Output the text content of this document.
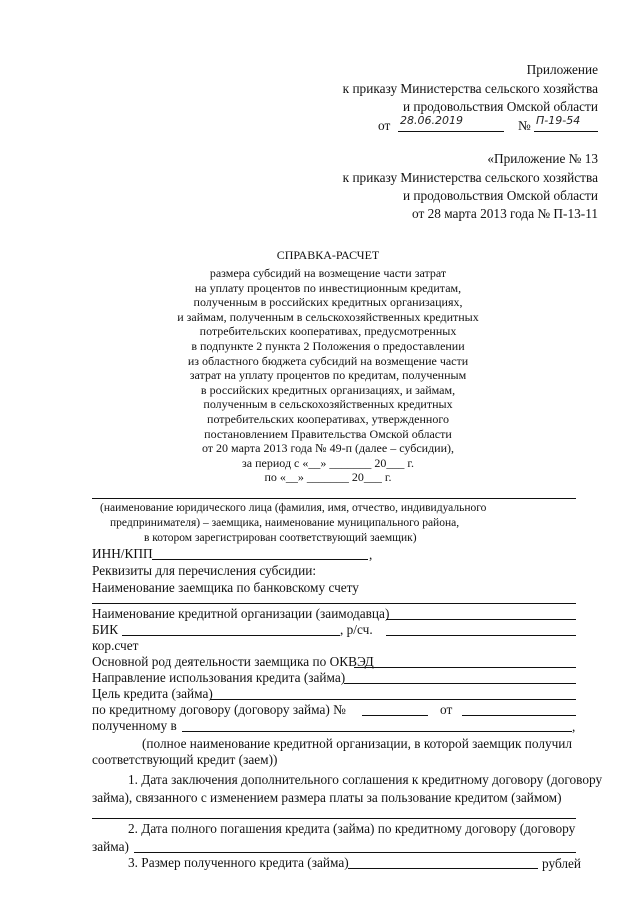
Приложение
к приказу Министерства сельского хозяйства
и продовольствия Омской области
от 28.06.2019	№ П-19-54
«Приложение № 13
к приказу Министерства сельского хозяйства
и продовольствия Омской области
от 28 марта 2013 года № П-13-11
СПРАВКА-РАСЧЕТ
размера субсидий на возмещение части затрат
на уплату процентов по инвестиционным кредитам,
полученным в российских кредитных организациях,
и займам, полученным в сельскохозяйственных кредитных
потребительских кооперативах, предусмотренных
в подпункте 2 пункта 2 Положения о предоставлении
из областного бюджета субсидий на возмещение части
затрат на уплату процентов по кредитам, полученным
в российских кредитных организациях, и займам,
полученным в сельскохозяйственных кредитных
потребительских кооперативах, утвержденного
постановлением Правительства Омской области
от 20 марта 2013 года № 49-п (далее – субсидии),
за период с «__» _______ 20___ г.
по «__» _______ 20___ г.
(наименование юридического лица (фамилия, имя, отчество, индивидуального
предпринимателя) – заемщика, наименование муниципального района,
в котором зарегистрирован соответствующий заемщик)
ИНН/КПП	,
Реквизиты для перечисления субсидии:
Наименование заемщика по банковскому счету
Наименование кредитной организации (заимодавца)
БИК	, р/сч.
кор.счет
Основной род деятельности заемщика по ОКВЭД
Направление использования кредита (займа)
Цель кредита (займа)
по кредитному договору (договору займа) №	от
полученному в	,
(полное наименование кредитной организации, в которой заемщик получил
соответствующий кредит (заем))
1. Дата заключения дополнительного соглашения к кредитному договору (договору
займа), связанного с изменением размера платы за пользование кредитом (займом)
2. Дата полного погашения кредита (займа) по кредитному договору (договору
займа)
3. Размер полученного кредита (займа)	рублей
